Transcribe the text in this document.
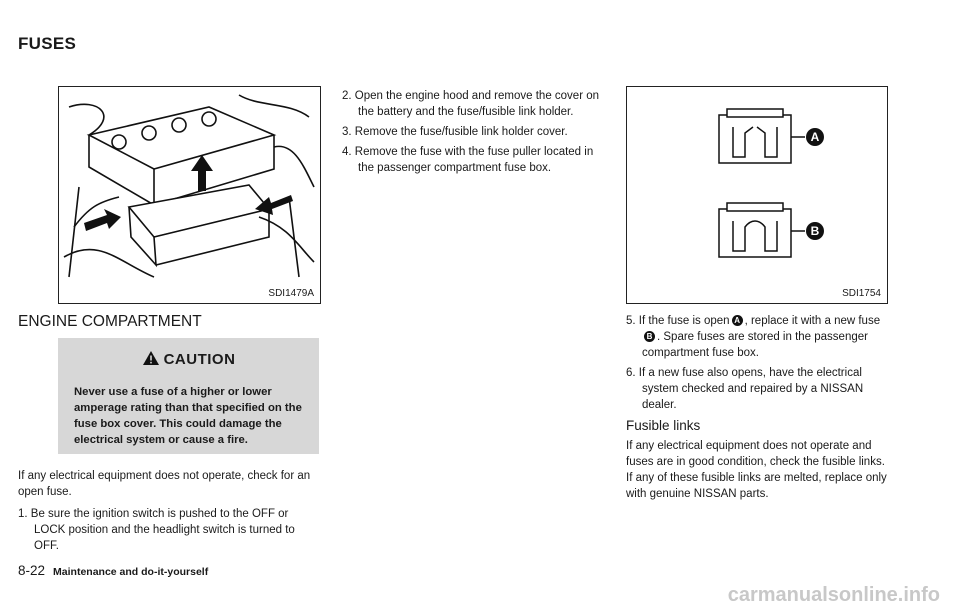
FUSES
SDI1479A
ENGINE COMPARTMENT
CAUTION
Never use a fuse of a higher or lower amperage rating than that specified on the fuse box cover. This could damage the electrical system or cause a fire.

If any electrical equipment does not operate, check for an open fuse.

1. Be sure the ignition switch is pushed to the OFF or LOCK position and the headlight switch is turned to OFF.
2. Open the engine hood and remove the cover on the battery and the fuse/fusible link holder.
3. Remove the fuse/fusible link holder cover.
4. Remove the fuse with the fuse puller located in the passenger compartment fuse box.
A
B
SDI1754
5. If the fuse is open A , replace it with a new fuseB . Spare fuses are stored in the passenger compartment fuse box.
6. If a new fuse also opens, have the electrical system checked and repaired by a NISSAN dealer.
Fusible links

If any electrical equipment does not operate and fuses are in good condition, check the fusible links. If any of these fusible links are melted, replace only with genuine NISSAN parts.

8-22 Maintenance and do-it-yourself
carmanualsonline.info
